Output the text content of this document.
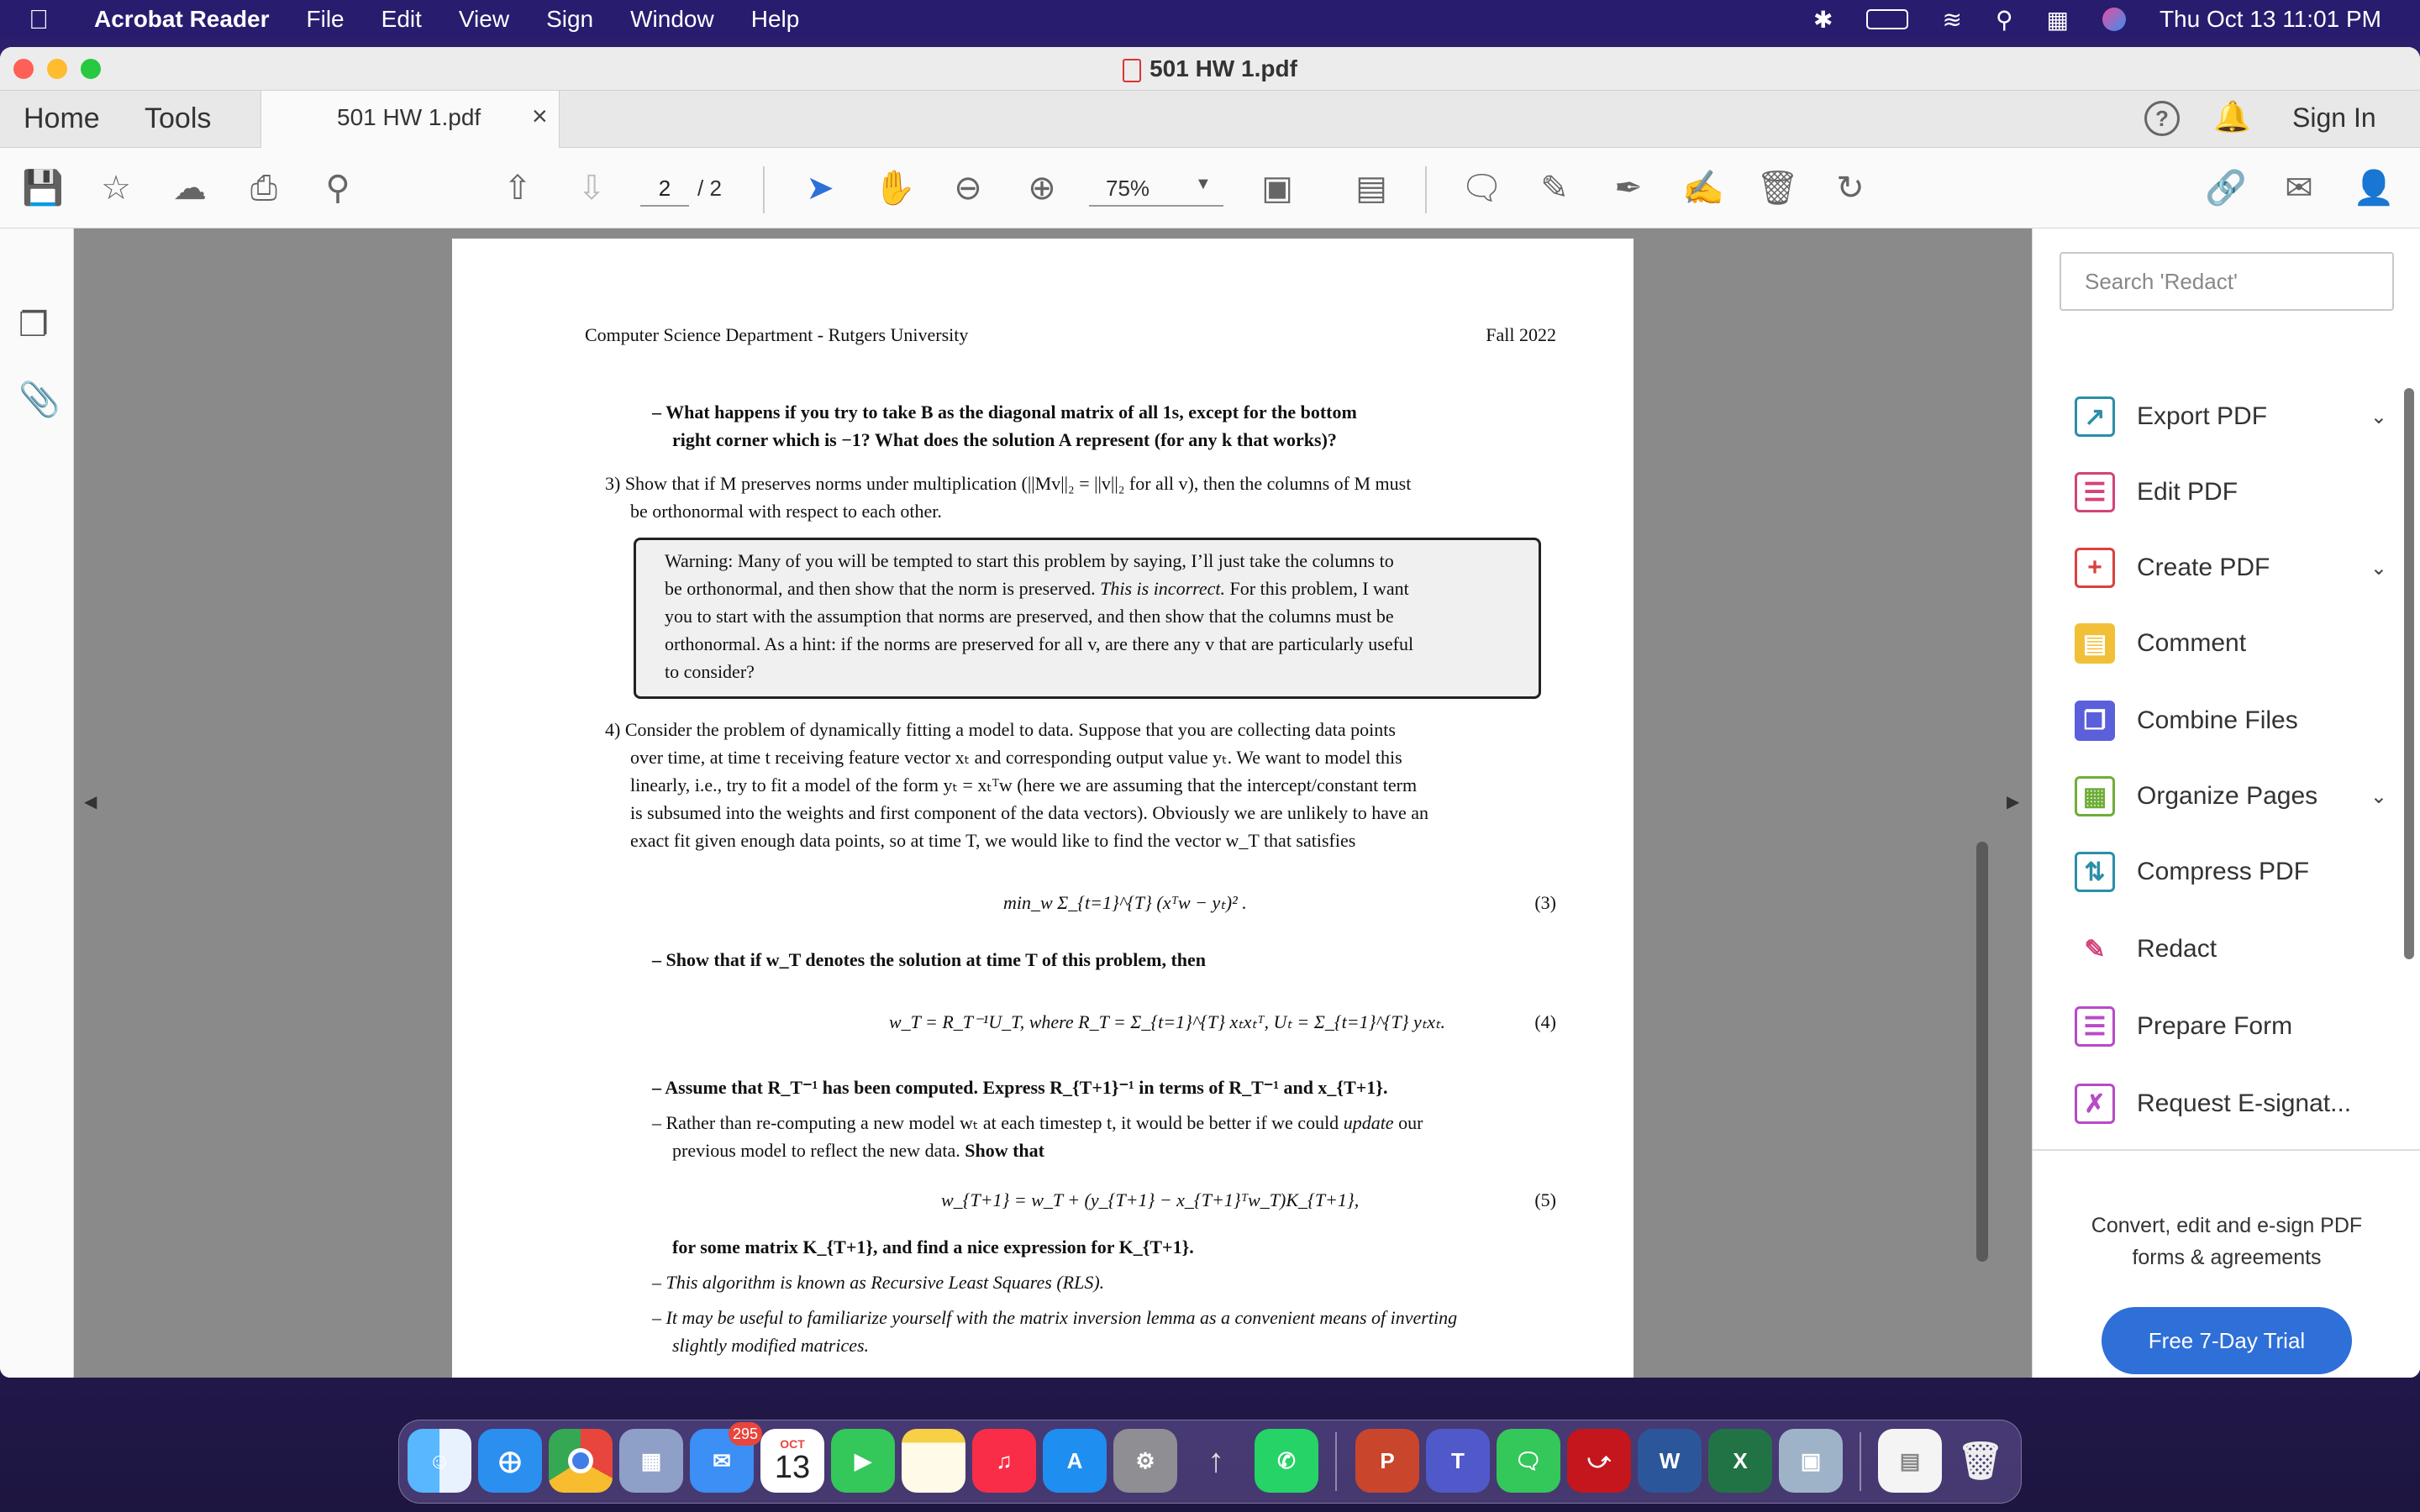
Acrobat Reader File Edit View Sign Window Help	✱	≋ ⚲ ▦	Thu Oct 13 11:01 PM
501 HW 1.pdf
Home Tools	501 HW 1.pdf ×	?	🔔 Sign In
💾 ☆ ☁ ⎙ ⚲	⇧ ⇩	2	/ 2	➤ ✋ ⊖ ⊕	75%	▼ ▣ ▤ 🗨 ✎ ✒ ✍ 🗑 ↻	🔗 ✉ 👤
❐
📎
◀	▶

Computer Science Department - Rutgers University	Fall 2022

– What happens if you try to take B as the diagonal matrix of all 1s, except for the bottom

right corner which is −1? What does the solution A represent (for any k that works)?

3) Show that if M preserves norms under multiplication (||Mv||₂ = ||v||₂ for all v), then the columns of M must

be orthonormal with respect to each other.

Warning: Many of you will be tempted to start this problem by saying, I’ll just take the columns to

be orthonormal, and then show that the norm is preserved. This is incorrect. For this problem, I want

you to start with the assumption that norms are preserved, and then show that the columns must be

orthonormal. As a hint: if the norms are preserved for all v, are there any v that are particularly useful

to consider?

4) Consider the problem of dynamically fitting a model to data. Suppose that you are collecting data points

over time, at time t receiving feature vector xₜ and corresponding output value yₜ. We want to model this

linearly, i.e., try to fit a model of the form yₜ = xₜᵀw (here we are assuming that the intercept/constant term

is subsumed into the weights and first component of the data vectors). Obviously we are unlikely to have an

exact fit given enough data points, so at time T, we would like to find the vector w_T that satisfies

min_w Σ_{t=1}^{T} (xᵀw − yₜ)² .	(3)

– Show that if w_T denotes the solution at time T of this problem, then

w_T = R_T⁻¹U_T, where R_T = Σ_{t=1}^{T} xₜxₜᵀ, Uₜ = Σ_{t=1}^{T} yₜxₜ.	(4)

– Assume that R_T⁻¹ has been computed. Express R_{T+1}⁻¹ in terms of R_T⁻¹ and x_{T+1}.

– Rather than re-computing a new model wₜ at each timestep t, it would be better if we could update our

previous model to reflect the new data. Show that

w_{T+1} = w_T + (y_{T+1} − x_{T+1}ᵀw_T)K_{T+1},	(5)

for some matrix K_{T+1}, and find a nice expression for K_{T+1}.

– This algorithm is known as Recursive Least Squares (RLS).

– It may be useful to familiarize yourself with the matrix inversion lemma as a convenient means of inverting

slightly modified matrices.

Search 'Redact'
↗	Export PDF	⌄
☰	Edit PDF
+	Create PDF	⌄
▤	Comment
❐	Combine Files
▦	Organize Pages	⌄
⇅	Compress PDF
✎	Redact
☰	Prepare Form
✗	Request E-signat...
Convert, edit and e-sign PDF forms & agreements
Free 7-Day Trial
☺	⨁	▦	✉
295
OCT
13	▶	♫	A	⚙	↑	✆	P	T	🗨	⤻	W	X	▣	▤ 🗑
